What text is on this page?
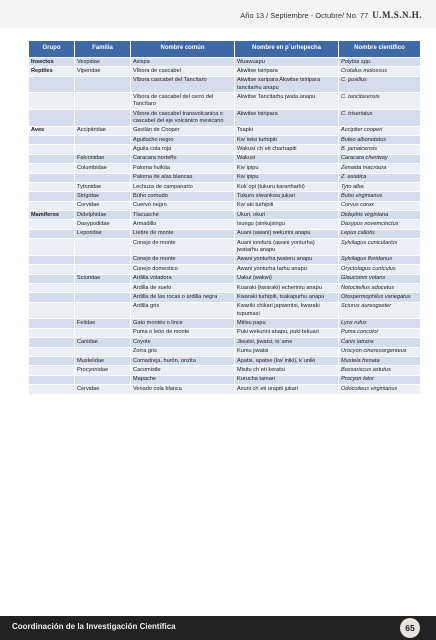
Año 13 / Septiembre - Octubre/ No. 77 U.M.S.N.H.
Grupo	Familia	Nombre común	Nombre en p´urhepecha	Nombre científico
Insectos	Vespidae	Avispa	Wuawuapu	Polybia spp.
Reptiles	Viperidae	Víbora de cascabel	Akwitse tsiripara	Crotalus molossus
		Víbora cascabel del Tancítaro	Akwitse xaripara Akwitse tsiripara tancitarhu anapu	C. pusillus
		Víbora de cascabel del cerro del Tancítaro	Akwitse Tancitarhu jwata anapu	C. tancitarensis
		Víbora de cascabel transvolcanica o cascabel del eje volcánico mexicano	Akwitse tsiripara	C. triseriatus
Aves	Accipitridae	Gavilán de Cooper	Tsapki	Accipiter cooperi
		Aguilucho negro	Kw´iwisi turhipiti	Buteo albonotatus
		Águila cola roja	Wakusï ch´eti charhapiti	B. jamaicensis
	Falconidae	Caracara norteño	Wakusï	Caracara cheriway
	Columbidae	Paloma huilota	Kw´ipipu	Zenaida macroura
		Paloma de alas blancas	Kw´ipipu	Z. asiatica
	Tytonidae	Lechuza de campanario	Kok´opi (tukuru karanharhi)	Tyto alba
	Strigidae	Búho cornudo	Tukuro siwankwa jukari	Bubo virginianus
	Corvidae	Cuervo negro	Kw´aki turhipiti	Corvus corax
Mamíferos	Didelphidae	Tlacuache	Ukuri, okuri	Didephis virginiana
	Dasypodidae	Armadillo	Isungu (sinkujsingu	Dasypus novemcinctus
	Leporidae	Liebre de monte	Auani (awani) wekurini anapu	Lepus callotis
		Conejo de monte	Auani iondura (awani yonturha) jwatarhu anapu	Sylvilagus cunicularius
		Conejo de monte	Awani yonturha jwateru anapu	Sylvilagus floridanus
		Conejo domestico	Awani yonturha tarhu anapu	Oryctolagus cuniculus
	Sciuridae	Ardilla voladora	Uakui (wakwi)	Glaucomis volans
		Ardilla de suelo	Kuaraki (kwaraki) echerintu anapu	Notocitellus adocetus
		Ardilla de las rocas o ardilla negra	Kwaraki turhipiti, tsakapurhu anapu	Otospermophilus variegatus
		Ardilla gris	Kwariki chikari japwentsi, kwaraki tupumasi	Sciurus aureogaster
	Felidae	Gato montés o lince	Mitisu papu	Lynx rufus
		Puma o león de monte	Puki wekurini anapu, puki tekuari	Puma concolor
	Canidae	Coyote	Jiwatsi, jiwatsi, ts´ame	Canis latrans
		Zorra gris	Kumu jiwatsi	Urocyon cinereoargenteus
	Mustelidae	Comadreja, hurón, onzita	Apatsi, apatse (kw´iniki), k´uniki	Mustela frenata
	Procyonidae	Cacomixtle	Misitu ch´eti keratsi	Bassariscus astutus
		Mapache	Kurucha tamari	Procyon lotor
	Cervidae	Venado cola blanca	Axuni ch´eti urapiti jukari	Odocoileus virginianus
Coordinación de la Investigación Científica	65
